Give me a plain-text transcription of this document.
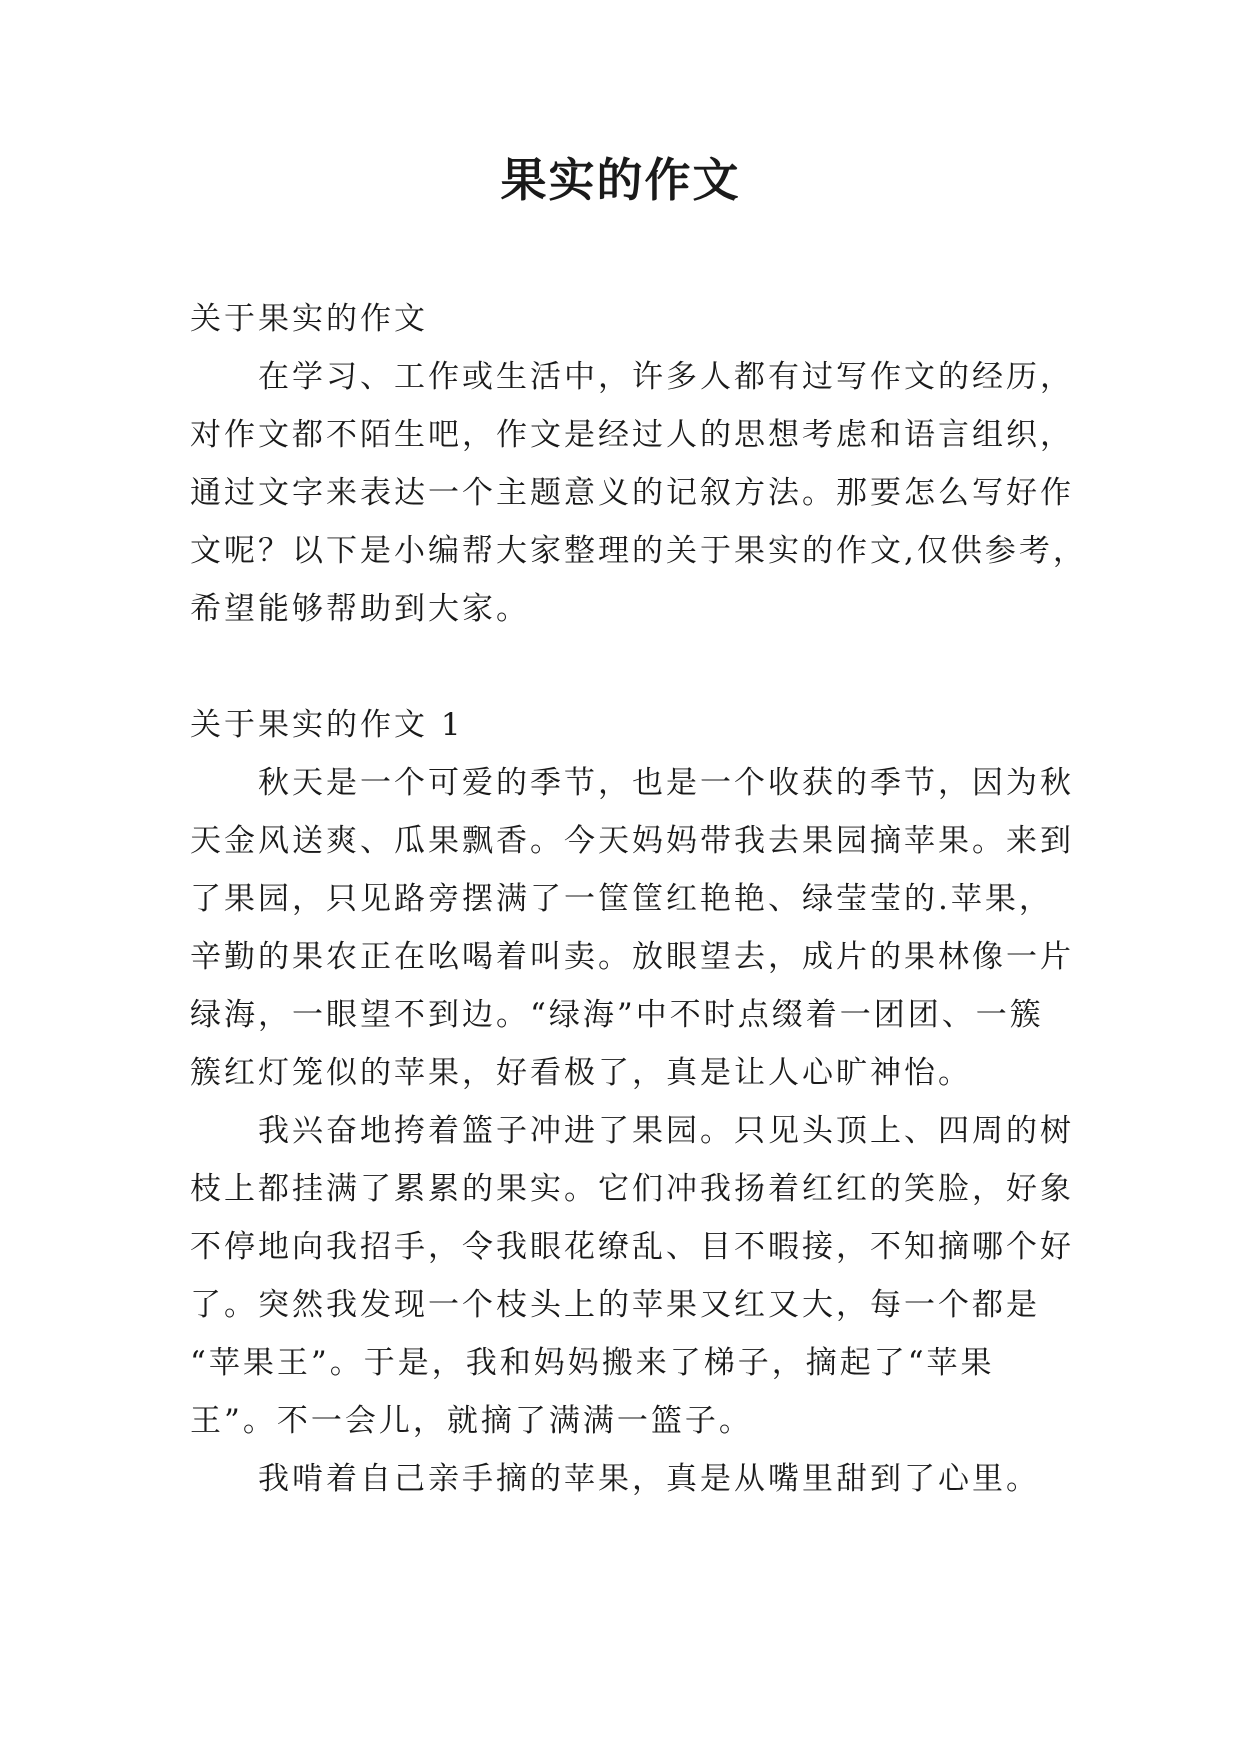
果实的作文
关于果实的作文
在学习、工作或生活中，许多人都有过写作文的经历，
对作文都不陌生吧，作文是经过人的思想考虑和语言组织，
通过文字来表达一个主题意义的记叙方法。那要怎么写好作
文呢？以下是小编帮大家整理的关于果实的作文,仅供参考，
希望能够帮助到大家。
关于果实的作文 1
秋天是一个可爱的季节，也是一个收获的季节，因为秋
天金风送爽、瓜果飘香。今天妈妈带我去果园摘苹果。来到
了果园，只见路旁摆满了一筐筐红艳艳、绿莹莹的.苹果，
辛勤的果农正在吆喝着叫卖。放眼望去，成片的果林像一片
绿海，一眼望不到边。“绿海”中不时点缀着一团团、一簇
簇红灯笼似的苹果，好看极了，真是让人心旷神怡。
我兴奋地挎着篮子冲进了果园。只见头顶上、四周的树
枝上都挂满了累累的果实。它们冲我扬着红红的笑脸，好象
不停地向我招手，令我眼花缭乱、目不暇接，不知摘哪个好
了。突然我发现一个枝头上的苹果又红又大，每一个都是
“苹果王”。于是，我和妈妈搬来了梯子，摘起了“苹果
王”。不一会儿，就摘了满满一篮子。
我啃着自己亲手摘的苹果，真是从嘴里甜到了心里。
